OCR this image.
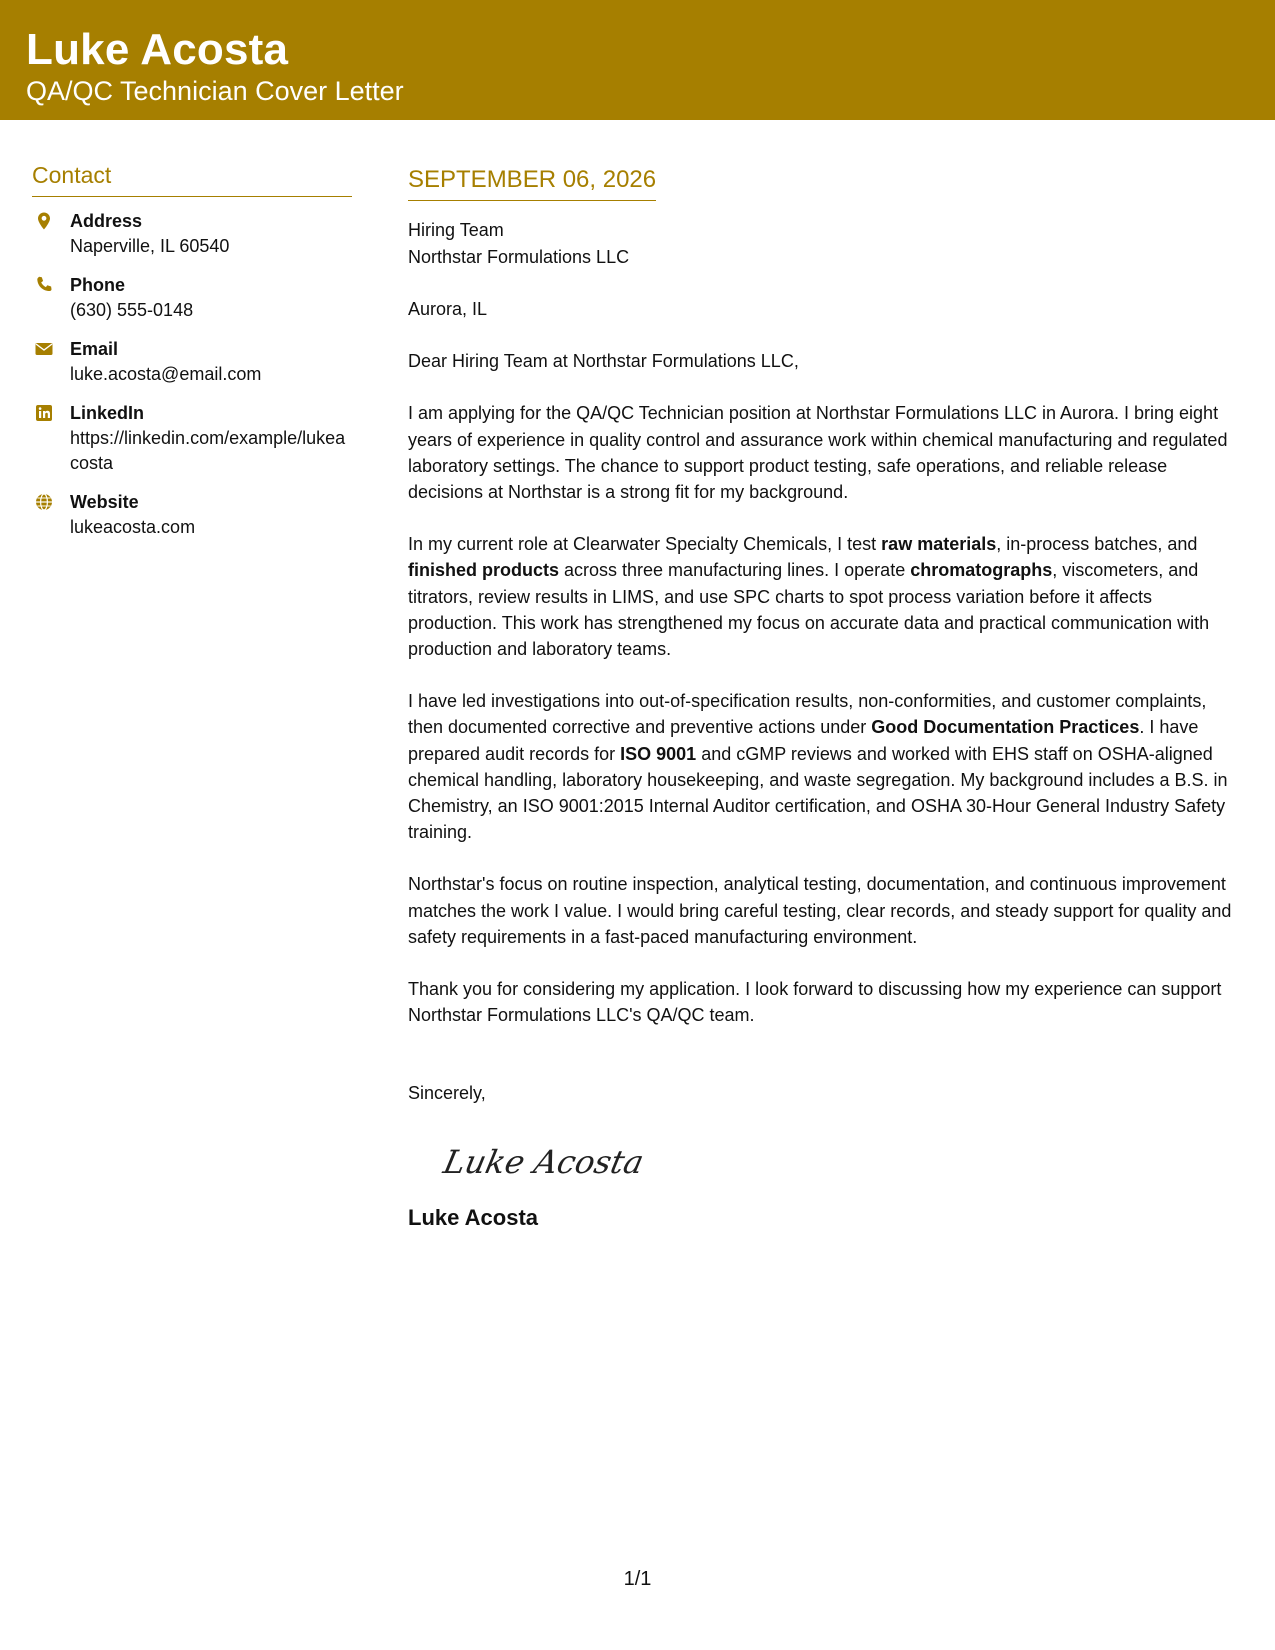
Luke Acosta
QA/QC Technician Cover Letter
Contact
Address
Naperville, IL 60540
Phone
(630) 555-0148
Email
luke.acosta@email.com
LinkedIn
https://linkedin.com/example/lukeacosta
Website
lukeacosta.com
SEPTEMBER 06, 2026
Hiring Team
Northstar Formulations LLC
Aurora, IL
Dear Hiring Team at Northstar Formulations LLC,

I am applying for the QA/QC Technician position at Northstar Formulations LLC in Aurora. I bring eight years of experience in quality control and assurance work within chemical manufacturing and regulated laboratory settings. The chance to support product testing, safe operations, and reliable release decisions at Northstar is a strong fit for my background.

In my current role at Clearwater Specialty Chemicals, I test raw materials, in-process batches, and finished products across three manufacturing lines. I operate chromatographs, viscometers, and titrators, review results in LIMS, and use SPC charts to spot process variation before it affects production. This work has strengthened my focus on accurate data and practical communication with production and laboratory teams.

I have led investigations into out-of-specification results, non-conformities, and customer complaints, then documented corrective and preventive actions under Good Documentation Practices. I have prepared audit records for ISO 9001 and cGMP reviews and worked with EHS staff on OSHA-aligned chemical handling, laboratory housekeeping, and waste segregation. My background includes a B.S. in Chemistry, an ISO 9001:2015 Internal Auditor certification, and OSHA 30-Hour General Industry Safety training.

Northstar's focus on routine inspection, analytical testing, documentation, and continuous improvement matches the work I value. I would bring careful testing, clear records, and steady support for quality and safety requirements in a fast-paced manufacturing environment.

Thank you for considering my application. I look forward to discussing how my experience can support Northstar Formulations LLC's QA/QC team.

Sincerely,
Luke Acosta
Luke Acosta
1/1
